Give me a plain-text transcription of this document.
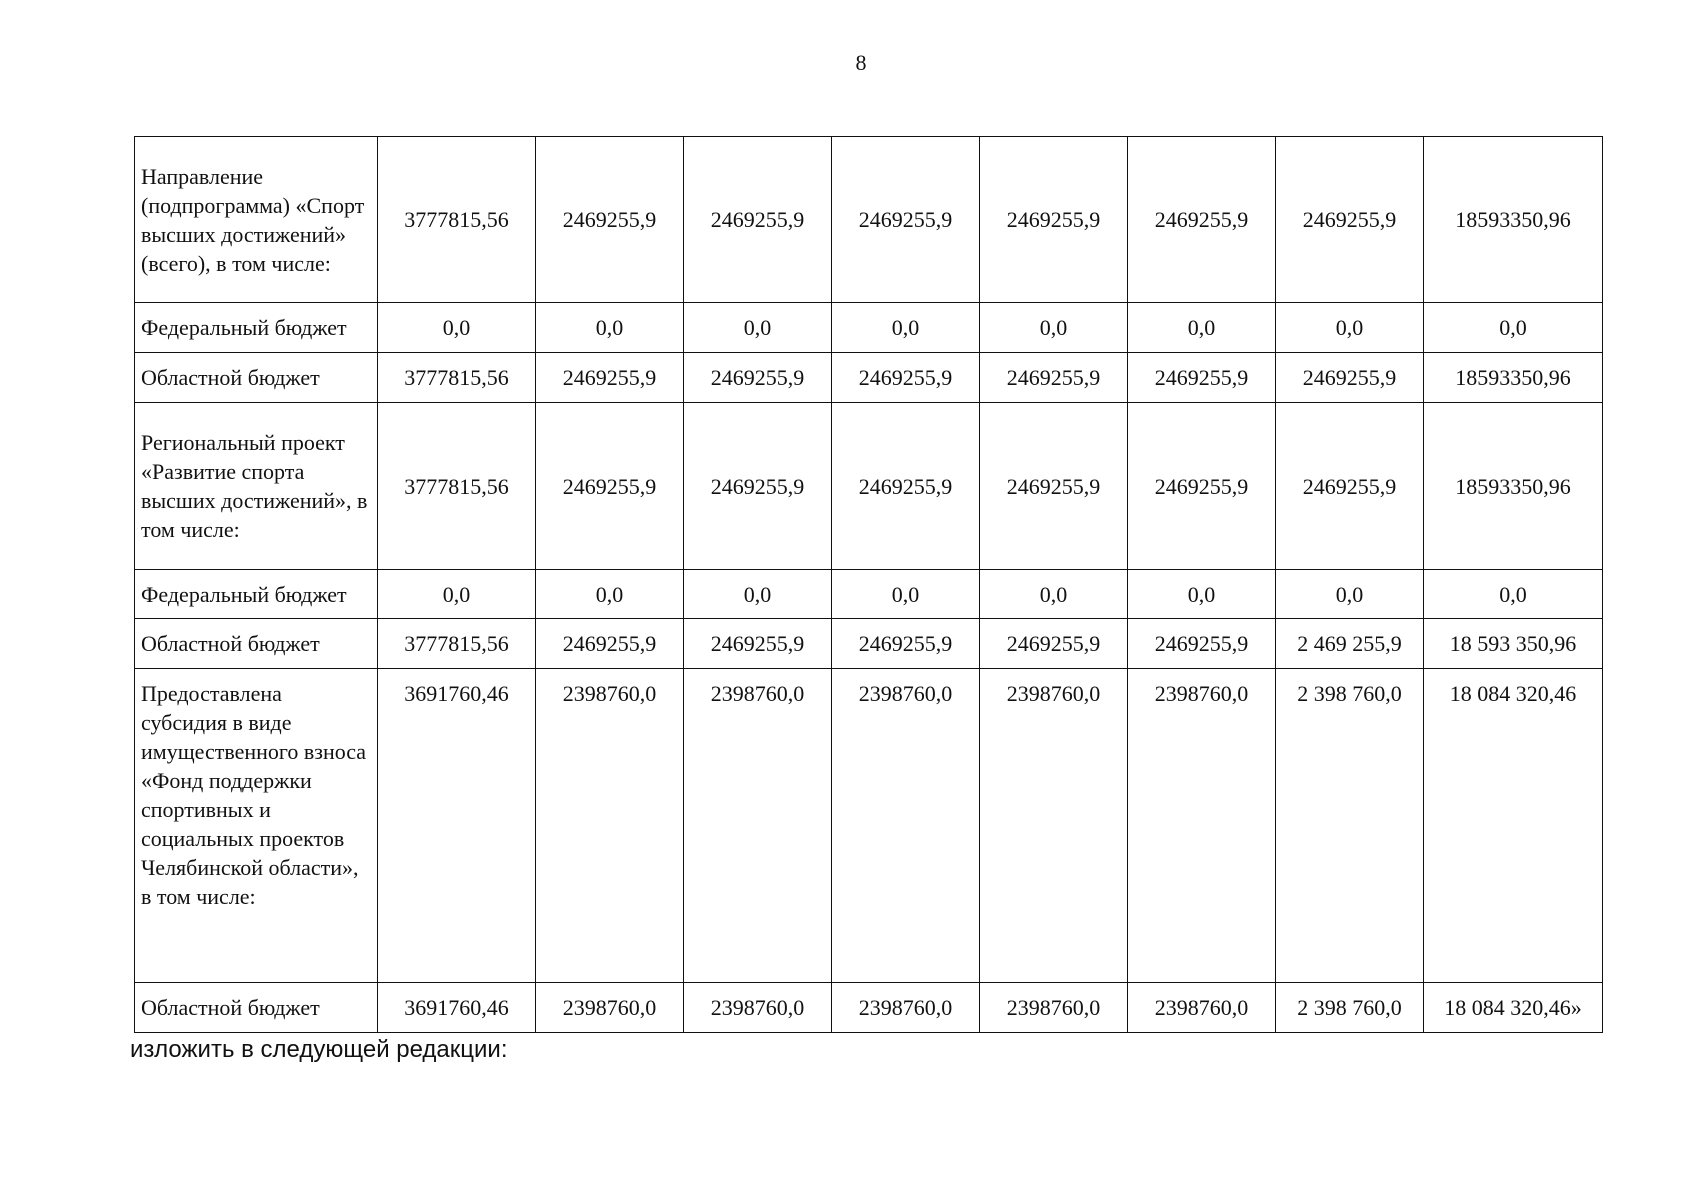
8
Направление (подпрограмма) «Спорт высших достижений» (всего), в том числе:	3777815,56	2469255,9	2469255,9	2469255,9	2469255,9	2469255,9	2469255,9	18593350,96
Федеральный бюджет	0,0	0,0	0,0	0,0	0,0	0,0	0,0	0,0
Областной бюджет	3777815,56	2469255,9	2469255,9	2469255,9	2469255,9	2469255,9	2469255,9	18593350,96
Региональный проект «Развитие спорта высших достижений», в том числе:	3777815,56	2469255,9	2469255,9	2469255,9	2469255,9	2469255,9	2469255,9	18593350,96
Федеральный бюджет	0,0	0,0	0,0	0,0	0,0	0,0	0,0	0,0
Областной бюджет	3777815,56	2469255,9	2469255,9	2469255,9	2469255,9	2469255,9	2 469 255,9	18 593 350,96
Предоставлена субсидия в виде имущественного взноса «Фонд поддержки спортивных и социальных проектов Челябинской области», в том числе:	3691760,46	2398760,0	2398760,0	2398760,0	2398760,0	2398760,0	2 398 760,0	18 084 320,46
Областной бюджет	3691760,46	2398760,0	2398760,0	2398760,0	2398760,0	2398760,0	2 398 760,0	18 084 320,46»
изложить в следующей редакции:
